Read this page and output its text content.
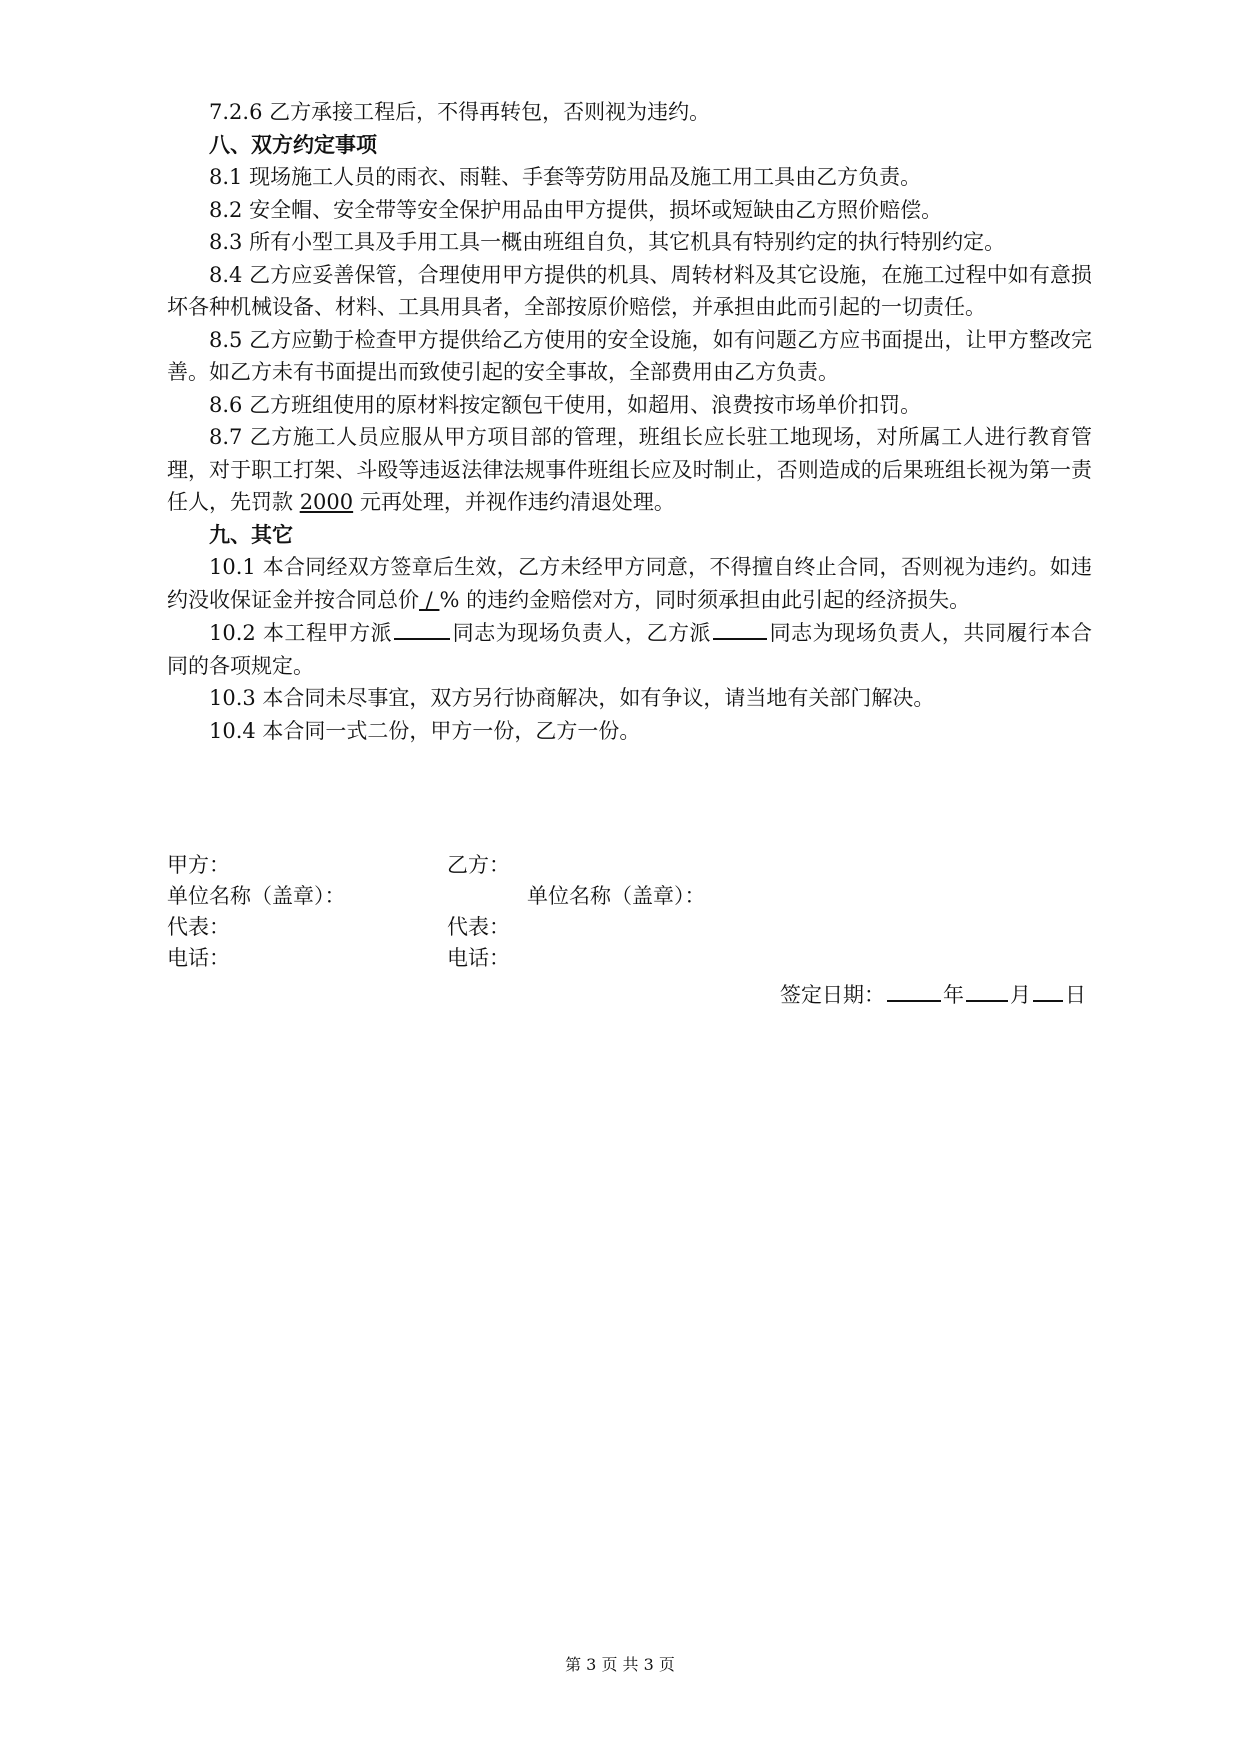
7.2.6 乙方承接工程后，不得再转包，否则视为违约。

八、双方约定事项

8.1 现场施工人员的雨衣、雨鞋、手套等劳防用品及施工用工具由乙方负责。

8.2 安全帽、安全带等安全保护用品由甲方提供，损坏或短缺由乙方照价赔偿。

8.3 所有小型工具及手用工具一概由班组自负，其它机具有特别约定的执行特别约定。

8.4 乙方应妥善保管，合理使用甲方提供的机具、周转材料及其它设施，在施工过程中如有意损坏各种机械设备、材料、工具用具者，全部按原价赔偿，并承担由此而引起的一切责任。

8.5 乙方应勤于检查甲方提供给乙方使用的安全设施，如有问题乙方应书面提出，让甲方整改完善。如乙方未有书面提出而致使引起的安全事故，全部费用由乙方负责。

8.6 乙方班组使用的原材料按定额包干使用，如超用、浪费按市场单价扣罚。

8.7 乙方施工人员应服从甲方项目部的管理，班组长应长驻工地现场，对所属工人进行教育管理，对于职工打架、斗殴等违返法律法规事件班组长应及时制止，否则造成的后果班组长视为第一责任人，先罚款 2000 元再处理，并视作违约清退处理。

九、其它

10.1 本合同经双方签章后生效，乙方未经甲方同意，不得擅自终止合同，否则视为违约。如违约没收保证金并按合同总价 / % 的违约金赔偿对方，同时须承担由此引起的经济损失。

10.2 本工程甲方派	同志为现场负责人，乙方派	同志为现场负责人，共同履行本合同的各项规定。

10.3 本合同未尽事宜，双方另行协商解决，如有争议，请当地有关部门解决。

10.4 本合同一式二份，甲方一份，乙方一份。

甲方：	乙方：
单位名称（盖章）：	单位名称（盖章）：
代表：	代表：
电话：	电话：
签定日期：	年 月 日
第 3 页 共 3 页
